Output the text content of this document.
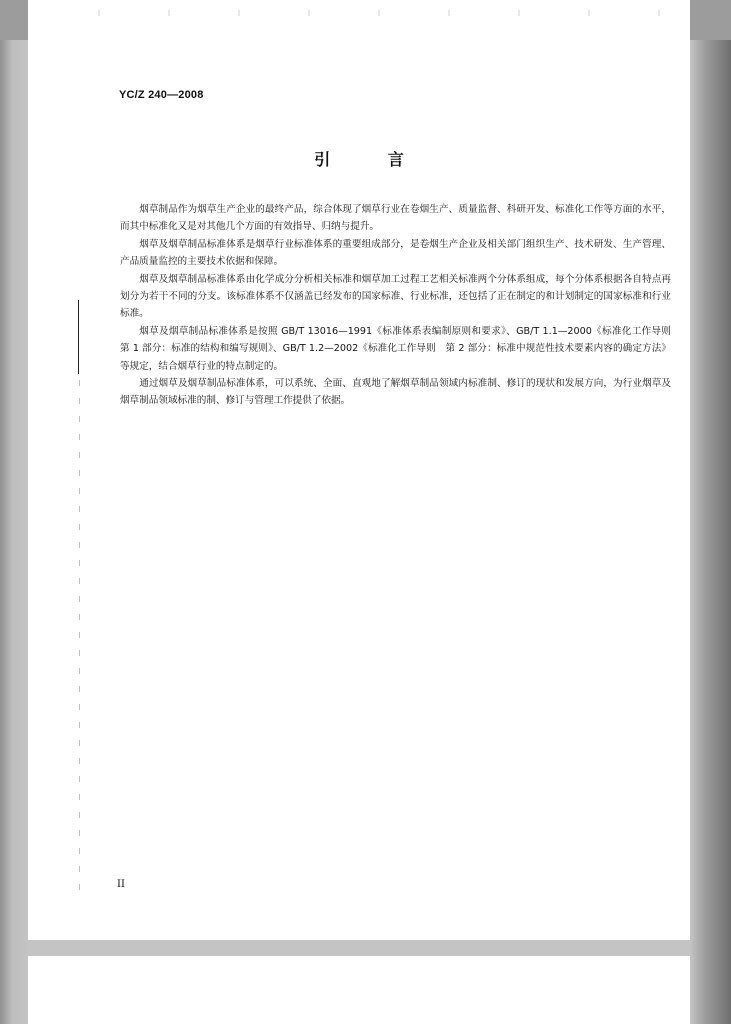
YC/Z 240—2008
引 言

烟草制品作为烟草生产企业的最终产品，综合体现了烟草行业在卷烟生产、质量监督、科研开发、标准化工作等方面的水平，而其中标准化又是对其他几个方面的有效指导、归纳与提升。

烟草及烟草制品标准体系是烟草行业标准体系的重要组成部分，是卷烟生产企业及相关部门组织生产、技术研发、生产管理、产品质量监控的主要技术依据和保障。

烟草及烟草制品标准体系由化学成分分析相关标准和烟草加工过程工艺相关标准两个分体系组成，每个分体系根据各自特点再划分为若干不同的分支。该标准体系不仅涵盖已经发布的国家标准、行业标准，还包括了正在制定的和计划制定的国家标准和行业标准。

烟草及烟草制品标准体系是按照 GB/T 13016—1991《标准体系表编制原则和要求》、GB/T 1.1—2000《标准化工作导则　第 1 部分：标准的结构和编写规则》、GB/T 1.2—2002《标准化工作导则　第 2 部分：标准中规范性技术要素内容的确定方法》等规定，结合烟草行业的特点制定的。

通过烟草及烟草制品标准体系，可以系统、全面、直观地了解烟草制品领域内标准制、修订的现状和发展方向，为行业烟草及烟草制品领域标准的制、修订与管理工作提供了依据。

II
